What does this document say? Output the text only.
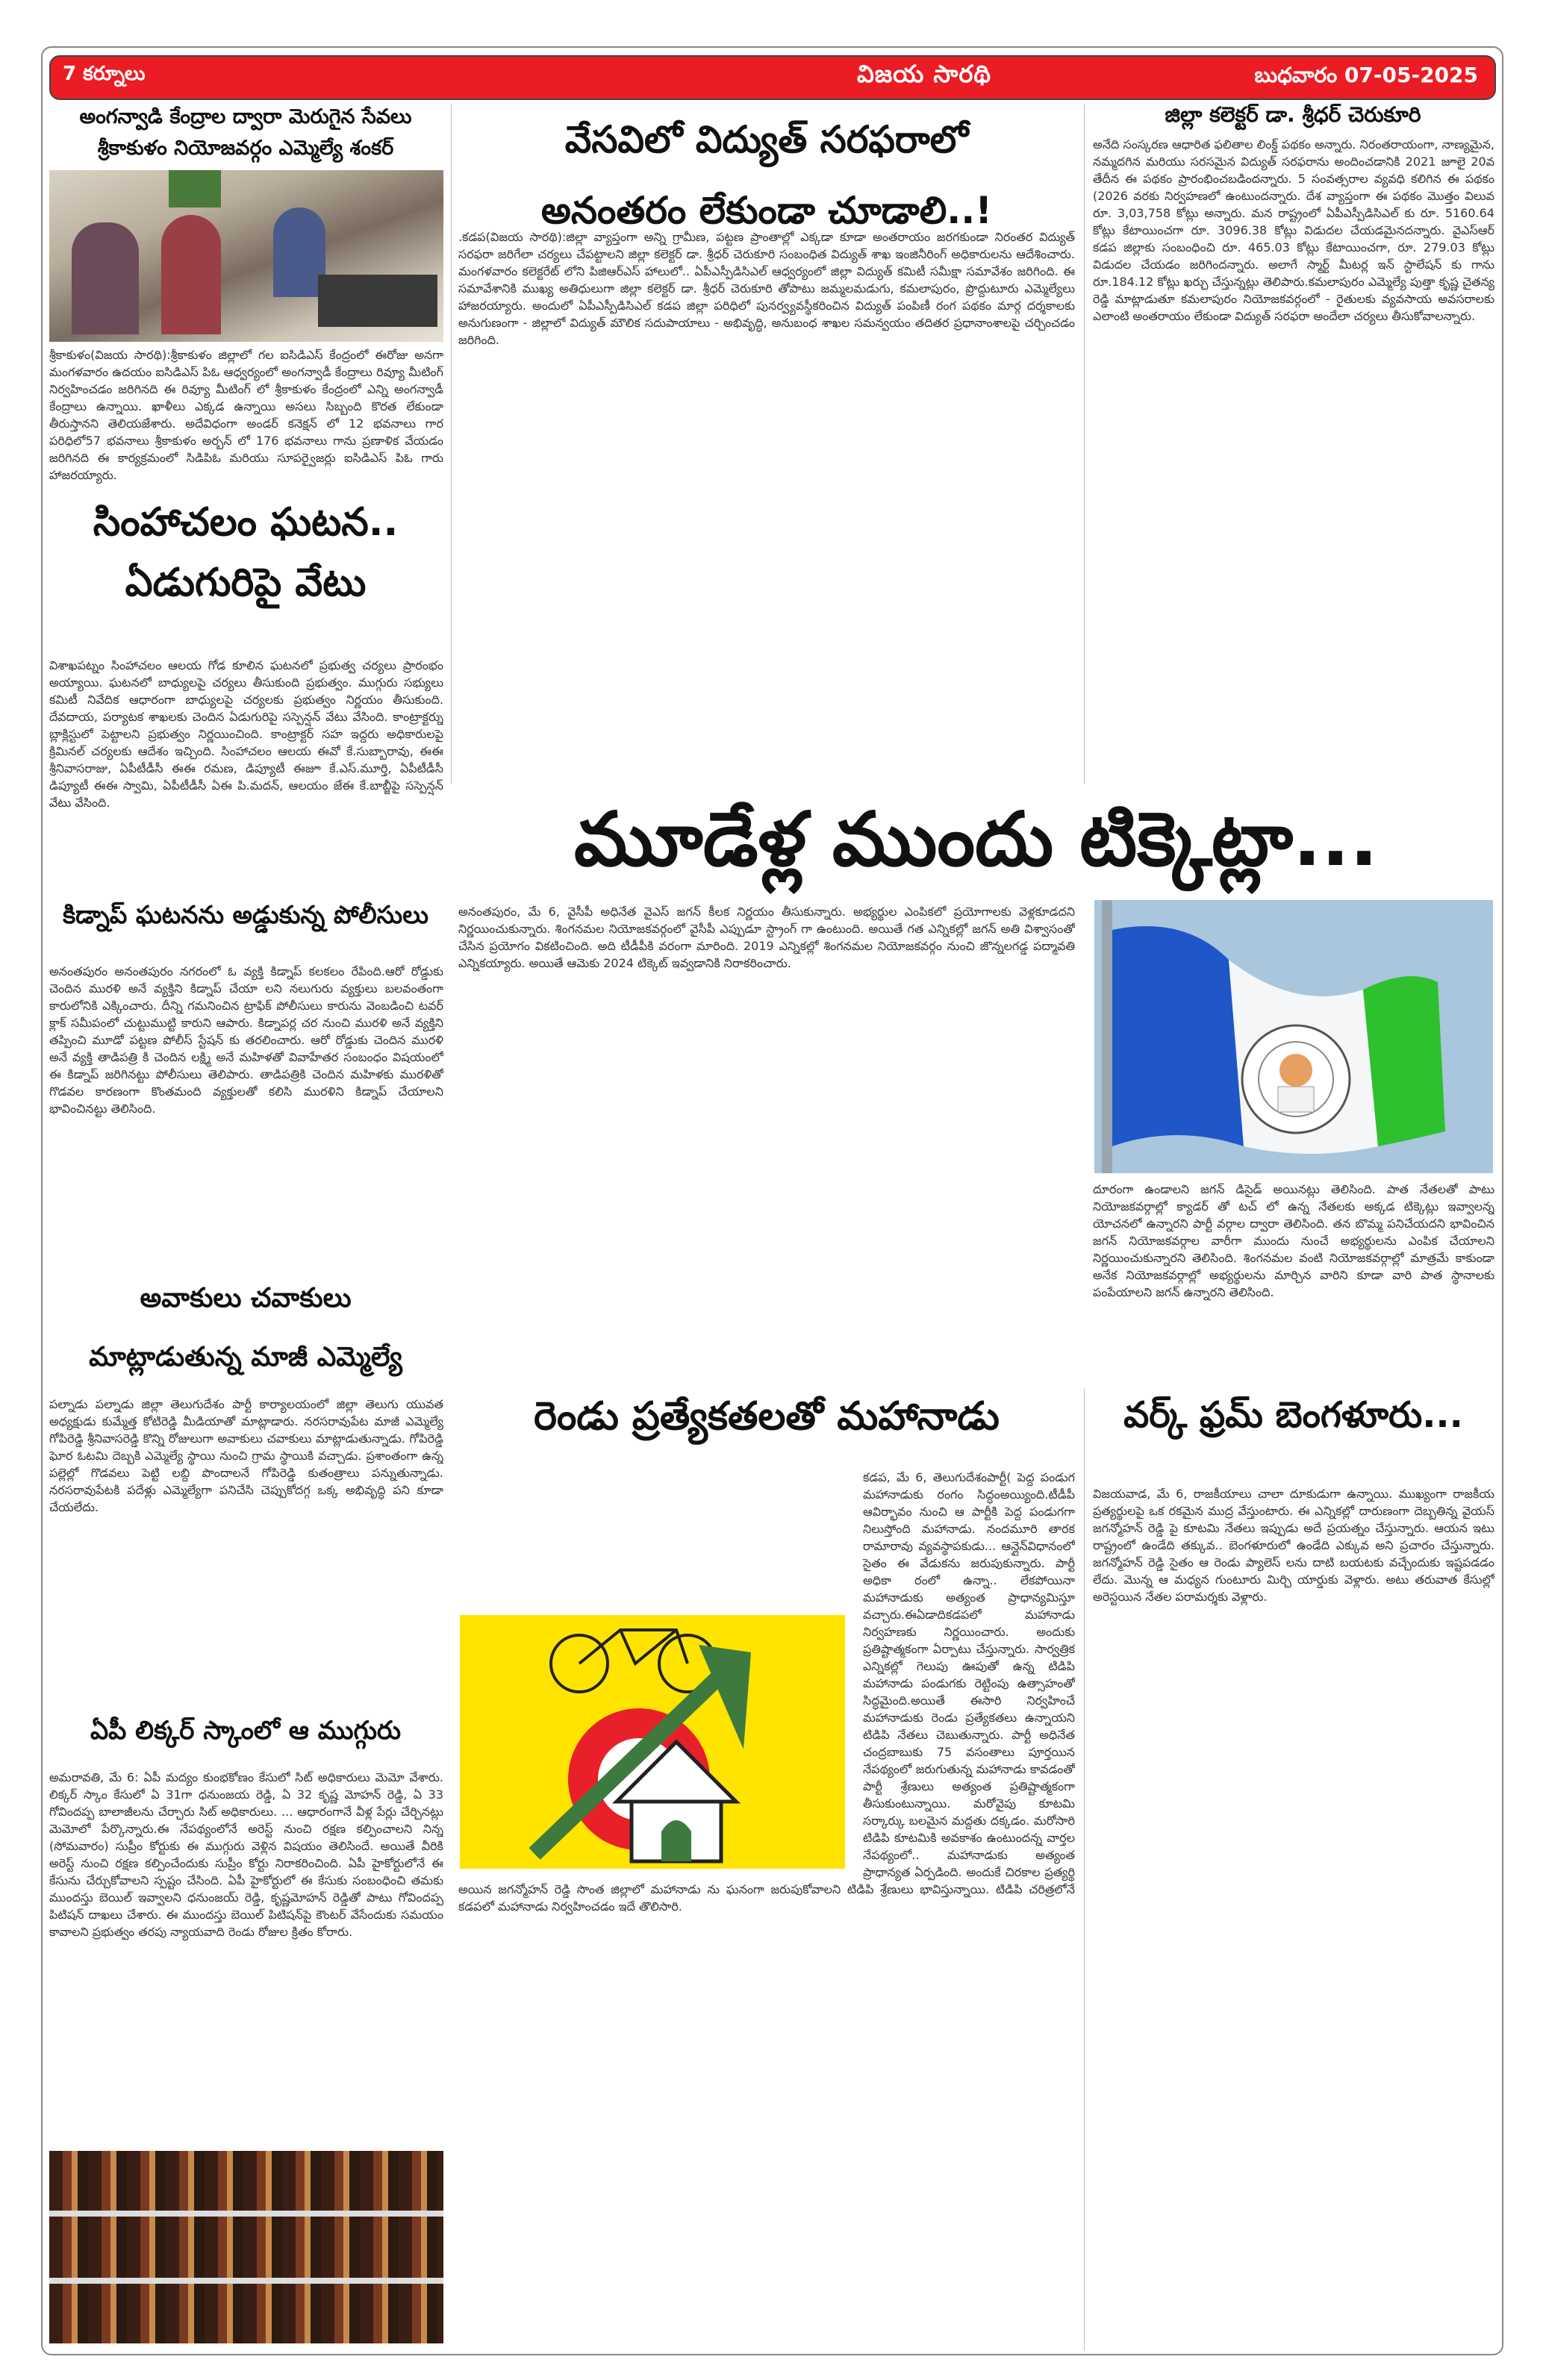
7 కర్నూలు	విజయ సారథి	బుధవారం 07-05-2025
అంగన్వాడి కేంద్రాల ద్వారా మెరుగైన సేవలు
శ్రీకాకుళం నియోజవర్గం ఎమ్మెల్యే శంకర్
శ్రీకాకుళం(విజయ సారథి):శ్రీకాకుళం జిల్లాలో గల ఐసిడిఎస్ కేంద్రంలో ఈరోజు అనగా మంగళవారం ఉదయం ఐసిడిఎస్ పిఓ ఆధ్వర్యంలో అంగన్వాడీ కేంద్రాలు రివ్యూ మీటింగ్ నిర్వహించడం జరిగినది ఈ రివ్యూ మీటింగ్ లో శ్రీకాకుళం కేంద్రంలో ఎన్ని అంగన్వాడీ కేంద్రాలు ఉన్నాయి. ఖాళీలు ఎక్కడ ఉన్నాయి అసలు సిబ్బంది కొరత లేకుండా తీరుస్తానని తెలియజేశారు. అదేవిధంగా అండర్ కనెక్షన్ లో 12 భవనాలు గార పరిధిలో57 భవనాలు శ్రీకాకుళం అర్బన్ లో 176 భవనాలు గాను ప్రణాళిక వేయడం జరిగినది ఈ కార్యక్రమంలో సిడిపిఓ మరియు సూపర్వైజర్లు ఐసిడిఎస్ పిఓ గారు హాజరయ్యారు.
సింహాచలం ఘటన..
ఏడుగురిపై వేటు
విశాఖపట్నం సింహాచలం ఆలయ గోడ కూలిన ఘటనలో ప్రభుత్వ చర్యలు ప్రారంభం అయ్యాయి. ఘటనలో బాధ్యులపై చర్యలు తీసుకుంది ప్రభుత్వం. ముగ్గురు సభ్యులు కమిటీ నివేదిక ఆధారంగా బాధ్యులపై చర్యలకు ప్రభుత్వం నిర్ణయం తీసుకుంది. దేవదాయ, పర్యాటక శాఖలకు చెందిన ఏడుగురిపై సస్పెన్షన్ వేటు వేసింది. కాంట్రాక్టర్ను బ్లాక్లిస్టులో పెట్టాలని ప్రభుత్వం నిర్ణయించింది. కాంట్రాక్టర్ సహ ఇద్దరు అధికారులపై క్రిమినల్ చర్యలకు ఆదేశం ఇచ్చింది. సింహాచలం ఆలయ ఈవో కే.సుబ్బారావు, ఈఈ శ్రీనివాసరాజు, ఏపీటీడీసీ ఈఈ రమణ, డిప్యూటీ ఈజూ కే.ఎస్.మూర్తి, ఏపీటీడీసీ డిప్యూటీ ఈఈ స్వామి, ఏపీటీడీసీ ఏఈ పి.మదన్, ఆలయం జేఈ కే.బాబ్జీపై సస్పెన్షన్ వేటు వేసింది.
కిడ్నాప్ ఘటనను అడ్డుకున్న పోలీసులు
అనంతపురం అనంతపురం నగరంలో ఓ వ్యక్తి కిడ్నాప్ కలకలం రేపింది.ఆరో రోడ్డుకు చెందిన మురళి అనే వ్యక్తిని కిడ్నాప్ చేయా లని నలుగురు వ్యక్తులు బలవంతంగా కారులోనికి ఎక్కించారు. దీన్ని గమనించిన ట్రాఫిక్ పోలీసులు కారును వెంబడించి టవర్ క్లాక్ సమీపంలో చుట్టుముట్టి కారుని ఆపారు. కిడ్నాపర్ల చర నుంచి మురళి అనే వ్యక్తిని తప్పించి మూడో పట్టణ పోలీస్ స్టేషన్ కు తరలించారు. ఆరో రోడ్డుకు చెందిన మురళి అనే వ్యక్తి తాడిపత్రి కి చెందిన లక్ష్మి అనే మహిళతో వివాహేతర సంబంధం విషయంలో ఈ కిడ్నాప్ జరిగినట్టు పోలీసులు తెలిపారు. తాడిపత్రికి చెందిన మహిళకు మురళితో గొడవల కారణంగా కొంతమంది వ్యక్తులతో కలిసి మురళిని కిడ్నాప్ చేయాలని భావించినట్టు తెలిసింది.
అవాకులు చవాకులు
మాట్లాడుతున్న మాజీ ఎమ్మెల్యే
పల్నాడు పల్నాడు జిల్లా తెలుగుదేశం పార్టీ కార్యాలయంలో జిల్లా తెలుగు యువత అధ్యక్షుడు కుమ్మేత్త కోటిరెడ్డి మీడియాతో మాట్లాడారు. నరసరావుపేట మాజీ ఎమ్మెల్యే గోపిరెడ్డి శ్రీనివాసరెడ్డి కొన్ని రోజులుగా అవాకులు చవాకులు మాట్లాడుతున్నాడు. గోపిరెడ్డి ఘోర ఓటమి దెబ్బకి ఎమ్మెల్యే స్థాయి నుంచి గ్రామ స్థాయికి వచ్చాడు. ప్రశాంతంగా ఉన్న పల్లెల్లో గొడవలు పెట్టి లబ్ది పొందాలనే గోపిరెడ్డి కుతంత్రాలు పన్నుతున్నాడు. నరసరావుపేటకి పదేళ్లు ఎమ్మెల్యేగా పనిచేసి చెప్పుకోదగ్గ ఒక్క అభివృద్ధి పని కూడా చేయలేదు.
ఏపీ లిక్కర్ స్కాంలో ఆ ముగ్గురు
అమరావతి, మే 6: ఏపీ మద్యం కుంభకోణం కేసులో సిట్ అధికారులు మెమో వేశారు. లిక్కర్ స్కాం కేసులో ఏ 31గా ధనుంజయ రెడ్డి, ఏ 32 కృష్ణ మోహన్ రెడ్డి, ఏ 33 గోవిందప్ప బాలాజీలను చేర్చారు సిట్ అధికారులు. ... ఆధారంగానే వీళ్ల పేర్లు చేర్చినట్లు మెమోలో పేర్కొన్నారు.ఈ నేపథ్యంలోనే అరెస్ట్ నుంచి రక్షణ కల్పించాలని నిన్న (సోమవారం) సుప్రీం కోర్టుకు ఈ ముగ్గురు వెళ్లిన విషయం తెలిసిందే. అయితే వీరికి అరెస్ట్ నుంచి రక్షణ కల్పించేందుకు సుప్రీం కోర్టు నిరాకరించింది. ఏపీ హైకోర్టులోనే ఈ కేసును చేర్చుకోవాలని స్పష్టం చేసింది. ఏపీ హైకోర్టులో ఈ కేసుకు సంబంధించి తమకు ముందస్తు బెయిల్ ఇవ్వాలని ధనుంజయ్ రెడ్డి, కృష్ణమోహన్ రెడ్డితో పాటు గోవిందప్ప పిటిషన్ దాఖలు చేశారు. ఈ ముందస్తు బెయిల్ పిటిషన్‌పై కౌంటర్ వేసేందుకు సమయం కావాలని ప్రభుత్వం తరపు న్యాయవాది రెండు రోజుల క్రితం కోరారు.
వేసవిలో విద్యుత్ సరఫరాలో
అనంతరం లేకుండా చూడాలి..!
.కడప(విజయ సారథి):జిల్లా వ్యాప్తంగా అన్ని గ్రామీణ, పట్టణ ప్రాంతాల్లో ఎక్కడా కూడా అంతరాయం జరగకుండా నిరంతర విద్యుత్ సరఫరా జరిగేలా చర్యలు చేపట్టాలని జిల్లా కలెక్టర్ డా. శ్రీధర్ చెరుకూరి సంబంధిత విద్యుత్ శాఖ ఇంజినీరింగ్ అధికారులను ఆదేశించారు. మంగళవారం కలెక్టరేట్ లోని పిజిఆర్ఎస్ హాలులో.. ఏపీఎస్పీడిసిఎల్ ఆధ్వర్యంలో జిల్లా విద్యుత్ కమిటీ సమీక్షా సమావేశం జరిగింది. ఈ సమావేశానికి ముఖ్య అతిధులుగా జిల్లా కలెక్టర్ డా. శ్రీధర్ చెరుకూరి తోపాటు జమ్మలమడుగు, కమలాపురం, ప్రొద్దుటూరు ఎమ్మెల్యేలు హాజరయ్యారు. అందులో ఏపీఎస్పీడిసిఎల్ కడప జిల్లా పరిధిలో పునర్వ్యవస్థీకరించిన విద్యుత్ పంపిణీ రంగ పథకం మార్గ దర్శకాలకు అనుగుణంగా - జిల్లాలో విద్యుత్ మౌలిక సదుపాయాలు - అభివృద్ధి, అనుబంధ శాఖల సమన్వయం తదితర ప్రధానాంశాలపై చర్చించడం జరిగింది.
జిల్లా కలెక్టర్ డా. శ్రీధర్ చెరుకూరి
అనేది సంస్కరణ ఆధారిత ఫలితాల లింక్డ్ పథకం అన్నారు. నిరంతరాయంగా, నాణ్యమైన, నమ్మదగిన మరియు సరసమైన విద్యుత్ సరఫరాను అందించడానికి 2021 జూలై 20వ తేదీన ఈ పథకం ప్రారంభించబడిందన్నారు. 5 సంవత్సరాల వ్యవధి కలిగిన ఈ పథకం (2026 వరకు నిర్వహణలో ఉంటుందన్నారు. దేశ వ్యాప్తంగా ఈ పథకం మొత్తం విలువ రూ. 3,03,758 కోట్లు అన్నారు. మన రాష్ట్రంలో ఏపీఎస్పీడిసిఎల్ కు రూ. 5160.64 కోట్లు కేటాయించగా రూ. 3096.38 కోట్లు విడుదల చేయడమైనదన్నారు. వైఎస్ఆర్ కడప జిల్లాకు సంబంధించి రూ. 465.03 కోట్లు కేటాయించగా, రూ. 279.03 కోట్లు విడుదల చేయడం జరిగిందన్నారు. అలాగే స్మార్ట్ మీటర్ల ఇన్ స్టాలేషన్ కు గాను రూ.184.12 కోట్లు ఖర్చు చేస్తున్నట్లు తెలిపారు.కమలాపురం ఎమ్మెల్యే పుత్తా కృష్ణ చైతన్య రెడ్డి మాట్లాడుతూ కమలాపురం నియోజకవర్గంలో - రైతులకు వ్యవసాయ అవసరాలకు ఎలాంటి అంతరాయం లేకుండా విద్యుత్ సరఫరా అందేలా చర్యలు తీసుకోవాలన్నారు.
మూడేళ్ల ముందు టిక్కెట్లా...
అనంతపురం, మే 6, వైసీపీ అధినేత వైఎస్ జగన్ కీలక నిర్ణయం తీసుకున్నారు. అభ్యర్థుల ఎంపికలో ప్రయోగాలకు వెళ్లకూడదని నిర్ణయించుకున్నారు. శింగనమల నియోజకవర్గంలో వైసీపీ ఎప్పుడూ స్ట్రాంగ్ గా ఉంటుంది. అయితే గత ఎన్నికల్లో జగన్ అతి విశ్వాసంతో చేసిన ప్రయోగం వికటించింది. అది టీడీపీకి వరంగా మారింది. 2019 ఎన్నికల్లో శింగనమల నియోజకవర్గం నుంచి జొన్నలగడ్డ పద్మావతి ఎన్నికయ్యారు. అయితే ఆమెకు 2024 టిక్కెట్ ఇవ్వడానికి నిరాకరించారు.
దూరంగా ఉండాలని జగన్ డిసైడ్ అయినట్లు తెలిసింది. పాత నేతలతో పాటు నియోజకవర్గాల్లో క్యాడర్ తో టచ్ లో ఉన్న నేతలకు అక్కడ టిక్కెట్లు ఇవ్వాలన్న యోచనలో ఉన్నారని పార్టీ వర్గాల ద్వారా తెలిసింది. తన బొమ్మ పనిచేయదని భావించిన జగన్ నియోజకవర్గాల వారీగా ముందు నుంచే అభ్యర్థులను ఎంపిక చేయాలని నిర్ణయించుకున్నారని తెలిసింది. శింగనమల వంటి నియోజకవర్గాల్లో మాత్రమే కాకుండా అనేక నియోజకవర్గాల్లో అభ్యర్థులను మార్చిన వారిని కూడా వారి పాత స్థానాలకు పంపేయాలని జగన్ ఉన్నారని తెలిసింది.
రెండు ప్రత్యేకతలతో మహానాడు	వర్క్ ఫ్రమ్ బెంగళూరు...
కడప, మే 6, తెలుగుదేశంపార్టీ( పెద్ద పండుగ మహానాడుకు రంగం సిద్ధంఅయ్యింది.టీడీపీ ఆవిర్భావం నుంచి ఆ పార్టీకి పెద్ద పండుగగా నిలుస్తోంది మహానాడు. నందమూరి తారక రామారావు వ్యవస్థాపకుడు... ఆన్లైన్‌విధానంలో సైతం ఈ వేడుకను జరుపుకున్నారు. పార్టీ అధికా రంలో ఉన్నా.. లేకపోయినా మహానాడుకు అత్యంత ప్రాధాన్యమిస్తూ వచ్చారు.ఈఏడాదికడపలో మహానాడు నిర్వహణకు నిర్ణయించారు. అందుకు ప్రతిష్టాత్మకంగా ఏర్పాటు చేస్తున్నారు. సార్వత్రిక ఎన్నికల్లో గెలుపు ఊపుతో ఉన్న టిడిపి మహానాడు పండుగకు రెట్టింపు ఉత్సాహంతో సిద్ధమైంది.అయితే ఈసారి నిర్వహించే మహానాడుకు రెండు ప్రత్యేకతలు ఉన్నాయని టిడిపి నేతలు చెబుతున్నారు. పార్టీ అధినేత చంద్రబాబుకు 75 వసంతాలు పూర్తయిన నేపథ్యంలో జరుగుతున్న మహానాడు కావడంతో పార్టీ శ్రేణులు అత్యంత ప్రతిష్టాత్మకంగా తీసుకుంటున్నాయి. మరోవైపు కూటమి సర్కార్కు బలమైన మద్దతు దక్కడం. మరోసారి టిడిపి కూటమికి అవకాశం ఉంటుందన్న వార్తల నేపథ్యంలో.. మహానాడుకు అత్యంత ప్రాధాన్యత ఏర్పడింది. అందుకే చిరకాల ప్రత్యర్థి అయిన జగన్మోహన్ రెడ్డి సొంత జిల్లాలో మహానాడు ను ఘనంగా జరుపుకోవాలని టిడిపి శ్రేణులు భావిస్తున్నాయి. టిడిపి చరిత్రలోనే కడపలో మహానాడు నిర్వహించడం ఇదే తొలిసారి.
విజయవాడ, మే 6, రాజకీయాలు చాలా దూకుడుగా ఉన్నాయి. ముఖ్యంగా రాజకీయ ప్రత్యర్థులపై ఒక రకమైన ముద్ర వేస్తుంటారు. ఈ ఎన్నికల్లో దారుణంగా దెబ్బతిన్న వైయస్ జగన్మోహన్ రెడ్డి పై కూటమి నేతలు ఇప్పుడు అదే ప్రయత్నం చేస్తున్నారు. ఆయన ఇటు రాష్ట్రంలో ఉండేది తక్కువ.. బెంగళూరులో ఉండేది ఎక్కువ అని ప్రచారం చేస్తున్నారు. జగన్మోహన్ రెడ్డి సైతం ఆ రెండు ప్యాలెస్ లను దాటి బయటకు వచ్చేందుకు ఇష్టపడడం లేదు. మొన్న ఆ మధ్యన గుంటూరు మిర్చి యార్డుకు వెళ్లారు. అటు తరువాత కేసుల్లో అరెస్టయిన నేతల పరామర్శకు వెళ్లారు.
